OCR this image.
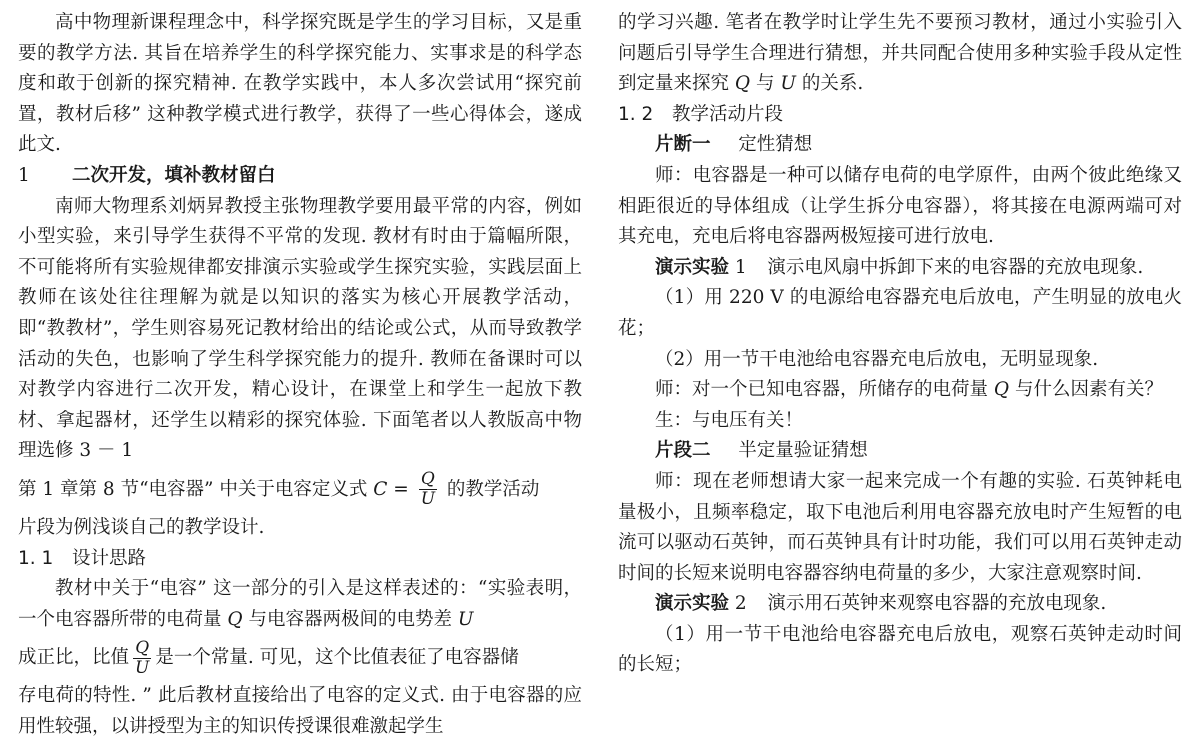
高中物理新课程理念中，科学探究既是学生的学习目标，又是重要的教学方法. 其旨在培养学生的科学探究能力、实事求是的科学态度和敢于创新的探究精神. 在教学实践中，本人多次尝试用“探究前置，教材后移” 这种教学模式进行教学，获得了一些心得体会，遂成此文.

1 二次开发，填补教材留白

南师大物理系刘炳昇教授主张物理教学要用最平常的内容，例如小型实验，来引导学生获得不平常的发现. 教材有时由于篇幅所限，不可能将所有实验规律都安排演示实验或学生探究实验，实践层面上教师在该处往往理解为就是以知识的落实为核心开展教学活动，即“教教材”，学生则容易死记教材给出的结论或公式，从而导致教学活动的失色，也影响了学生科学探究能力的提升. 教师在备课时可以对教学内容进行二次开发，精心设计，在课堂上和学生一起放下教材、拿起器材，还学生以精彩的探究体验. 下面笔者以人教版高中物理选修 3 － 1

第 1 章第 8 节“电容器” 中关于电容定义式 $C = \frac{Q}{U}$ 的教学活动

片段为例浅谈自己的教学设计.

1. 1 设计思路

教材中关于“电容” 这一部分的引入是这样表述的：“实验表明，一个电容器所带的电荷量 Q 与电容器两极间的电势差 U

成正比，比值 $\frac{Q}{U}$ 是一个常量. 可见，这个比值表征了电容器储

存电荷的特性. ” 此后教材直接给出了电容的定义式. 由于电容器的应用性较强，以讲授型为主的知识传授课很难激起学生

的学习兴趣. 笔者在教学时让学生先不要预习教材，通过小实验引入问题后引导学生合理进行猜想，并共同配合使用多种实验手段从定性到定量来探究 Q 与 U 的关系.

1. 2 教学活动片段

片断一 定性猜想

师：电容器是一种可以储存电荷的电学原件，由两个彼此绝缘又相距很近的导体组成（让学生拆分电容器），将其接在电源两端可对其充电，充电后将电容器两极短接可进行放电.

演示实验 1 演示电风扇中拆卸下来的电容器的充放电现象.

（1）用 220 V 的电源给电容器充电后放电，产生明显的放电火花；

（2）用一节干电池给电容器充电后放电，无明显现象.

师：对一个已知电容器，所储存的电荷量 Q 与什么因素有关？

生：与电压有关！

片段二 半定量验证猜想

师：现在老师想请大家一起来完成一个有趣的实验. 石英钟耗电量极小，且频率稳定，取下电池后利用电容器充放电时产生短暂的电流可以驱动石英钟，而石英钟具有计时功能，我们可以用石英钟走动时间的长短来说明电容器容纳电荷量的多少，大家注意观察时间.

演示实验 2 演示用石英钟来观察电容器的充放电现象.

（1）用一节干电池给电容器充电后放电，观察石英钟走动时间的长短；
